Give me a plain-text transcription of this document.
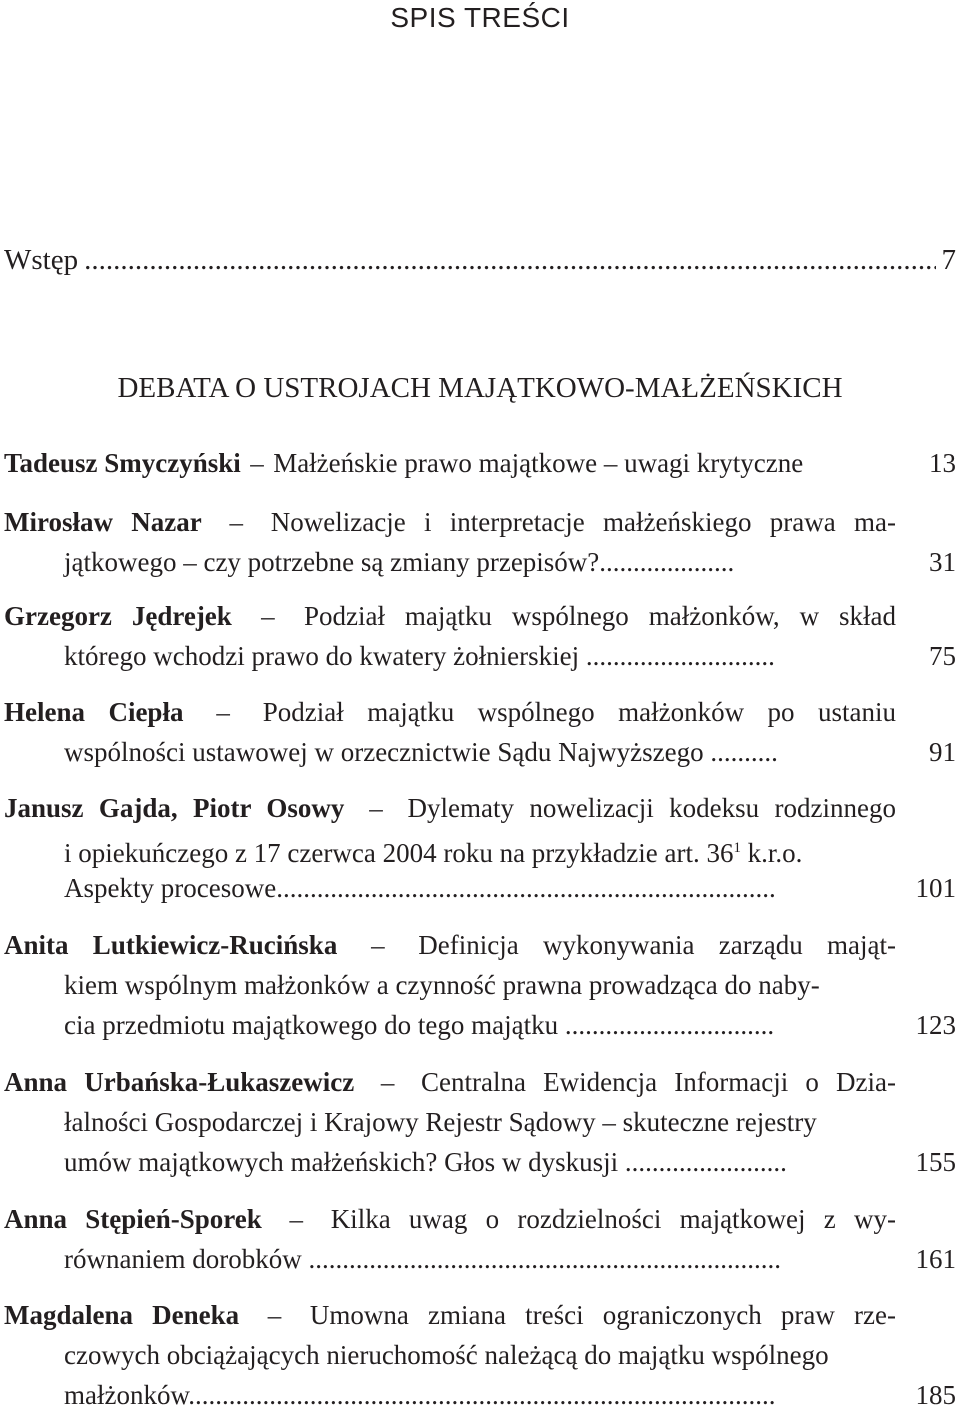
SPIS TREŚCI
Wstęp .....	7
DEBATA O USTROJACH MAJĄTKOWO-MAŁŻEŃSKICH
Tadeusz Smyczyński – Małżeńskie prawo majątkowe – uwagi krytyczne	13
Mirosław Nazar – Nowelizacje i interpretacje małżeńskiego prawa ma-
jątkowego – czy potrzebne są zmiany przepisów?....................	31
Grzegorz Jędrejek – Podział majątku wspólnego małżonków, w skład
którego wchodzi prawo do kwatery żołnierskiej ............................	75
Helena Ciepła – Podział majątku wspólnego małżonków po ustaniu
wspólności ustawowej w orzecznictwie Sądu Najwyższego ..........	91
Janusz Gajda, Piotr Osowy – Dylematy nowelizacji kodeksu rodzinnego
i opiekuńczego z 17 czerwca 2004 roku na przykładzie art. $36^1$ k.r.o.
Aspekty procesowe..........................................................................	101
Anita Lutkiewicz-Rucińska – Definicja wykonywania zarządu mająt-
kiem wspólnym małżonków a czynność prawna prowadząca do naby-
cia przedmiotu majątkowego do tego majątku ...............................	123
Anna Urbańska-Łukaszewicz – Centralna Ewidencja Informacji o Dzia-
łalności Gospodarczej i Krajowy Rejestr Sądowy – skuteczne rejestry
umów majątkowych małżeńskich? Głos w dyskusji ........................	155
Anna Stępień-Sporek – Kilka uwag o rozdzielności majątkowej z wy-
równaniem dorobków ......................................................................	161
Magdalena Deneka – Umowna zmiana treści ograniczonych praw rze-
czowych obciążających nieruchomość należącą do majątku wspólnego
małżonków.......................................................................................	185
